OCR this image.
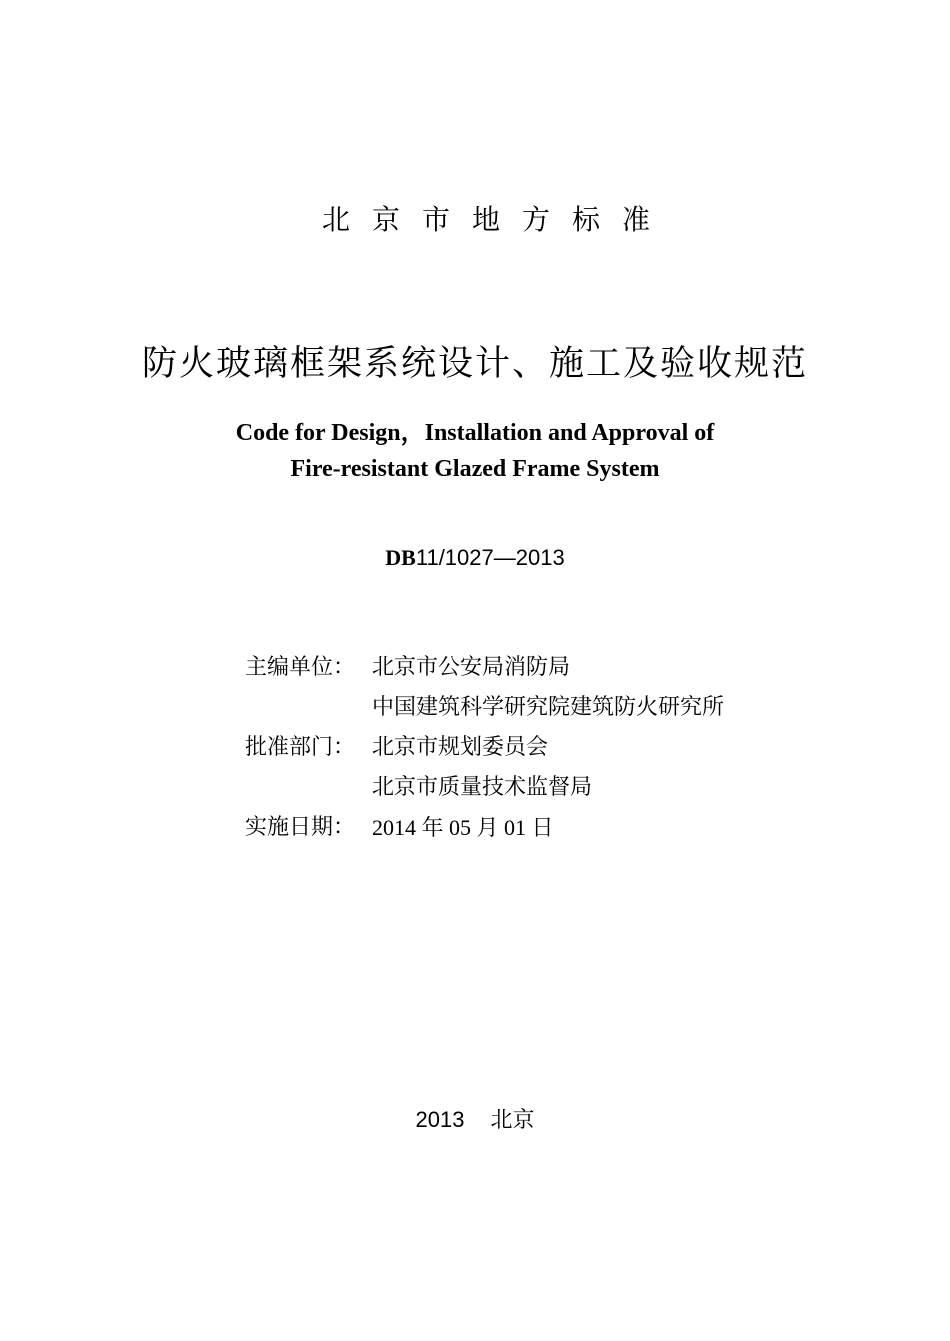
北京市地方标准
防火玻璃框架系统设计、施工及验收规范
Code for Design，Installation and Approval of
Fire-resistant Glazed Frame System
DB11/1027—2013
主编单位： 北京市公安局消防局
中国建筑科学研究院建筑防火研究所
批准部门： 北京市规划委员会
北京市质量技术监督局
实施日期： 2014 年 05 月 01 日
2013 北京
